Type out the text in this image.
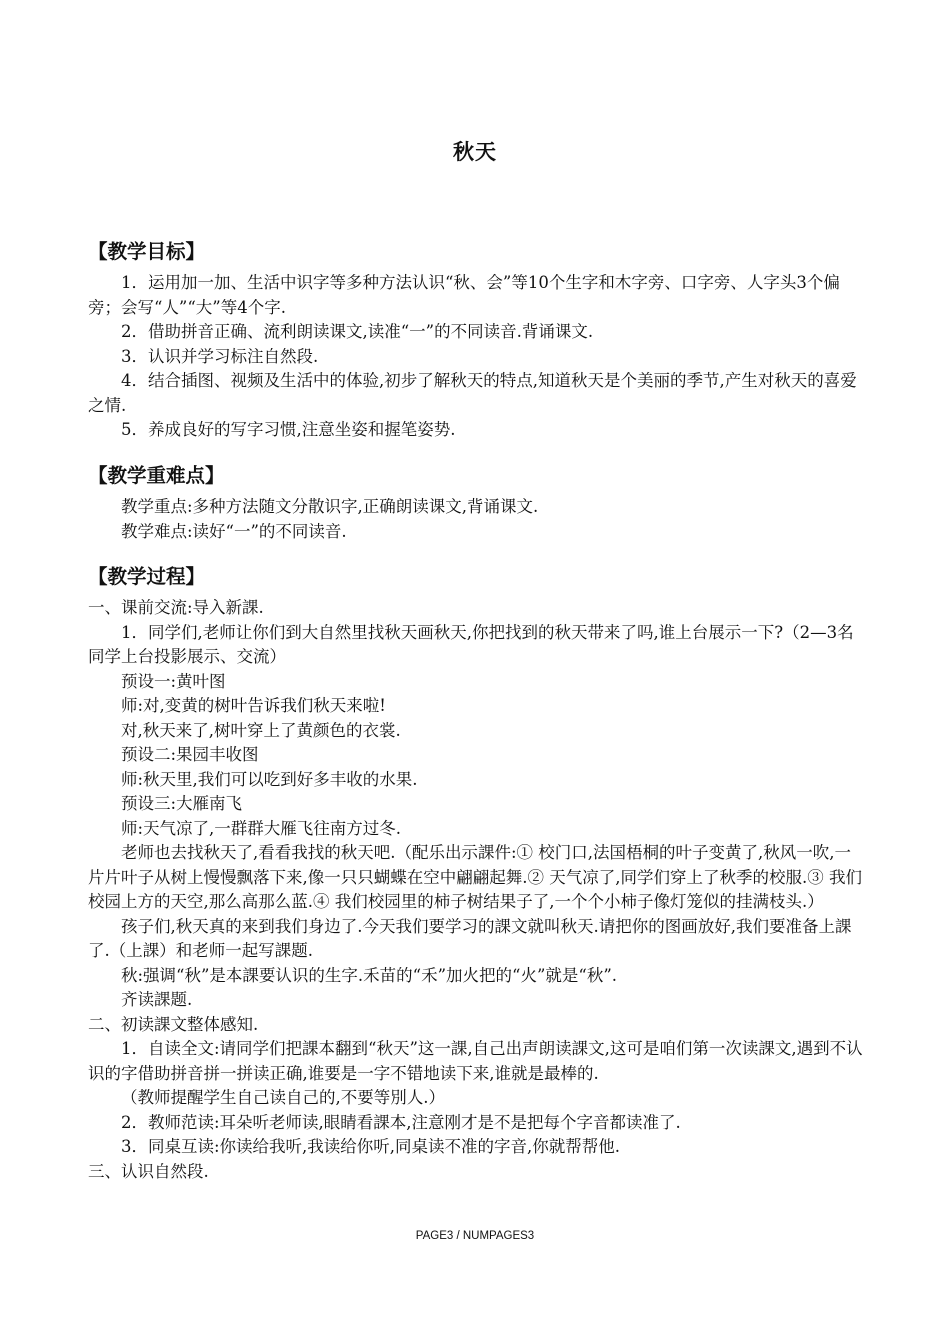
秋天
【教学目标】

1．运用加一加、生活中识字等多种方法认识“秋、会”等10个生字和木字旁、口字旁、人字头3个偏旁；会写“人”“大”等4个字.

2．借助拼音正确、流利朗读课文,读准“一”的不同读音.背诵课文.

3．认识并学习标注自然段.

4．结合插图、视频及生活中的体验,初步了解秋天的特点,知道秋天是个美丽的季节,产生对秋天的喜爱之情.

5．养成良好的写字习惯,注意坐姿和握笔姿势.

【教学重难点】

教学重点:多种方法随文分散识字,正确朗读课文,背诵课文.

教学难点:读好“一”的不同读音.

【教学过程】

一、课前交流:导入新課.

1．同学们,老师让你们到大自然里找秋天画秋天,你把找到的秋天带来了吗,谁上台展示一下?（2—3名同学上台投影展示、交流）

预设一:黄叶图

师:对,变黄的树叶告诉我们秋天来啦!

对,秋天来了,树叶穿上了黄颜色的衣裳.

预设二:果园丰收图

师:秋天里,我们可以吃到好多丰收的水果.

预设三:大雁南飞

师:天气凉了,一群群大雁飞往南方过冬.

老师也去找秋天了,看看我找的秋天吧.（配乐出示課件:① 校门口,法国梧桐的叶子变黄了,秋风一吹,一片片叶子从树上慢慢飘落下来,像一只只蝴蝶在空中翩翩起舞.② 天气凉了,同学们穿上了秋季的校服.③ 我们校园上方的天空,那么高那么蓝.④ 我们校园里的柿子树结果子了,一个个小柿子像灯笼似的挂满枝头.）

孩子们,秋天真的来到我们身边了.今天我们要学习的課文就叫秋天.请把你的图画放好,我们要准备上課了.（上課）和老师一起写課题.

秋:强调“秋”是本課要认识的生字.禾苗的“禾”加火把的“火”就是“秋”.

齐读課题.

二、初读課文整体感知.

1．自读全文:请同学们把課本翻到“秋天”这一課,自己出声朗读課文,这可是咱们第一次读課文,遇到不认识的字借助拼音拼一拼读正确,谁要是一字不错地读下来,谁就是最棒的.

（教师提醒学生自己读自己的,不要等別人.）

2．教师范读:耳朵听老师读,眼睛看課本,注意刚才是不是把每个字音都读准了.

3．同桌互读:你读给我听,我读给你听,同桌读不准的字音,你就帮帮他.

三、认识自然段.

PAGE3 / NUMPAGES3
